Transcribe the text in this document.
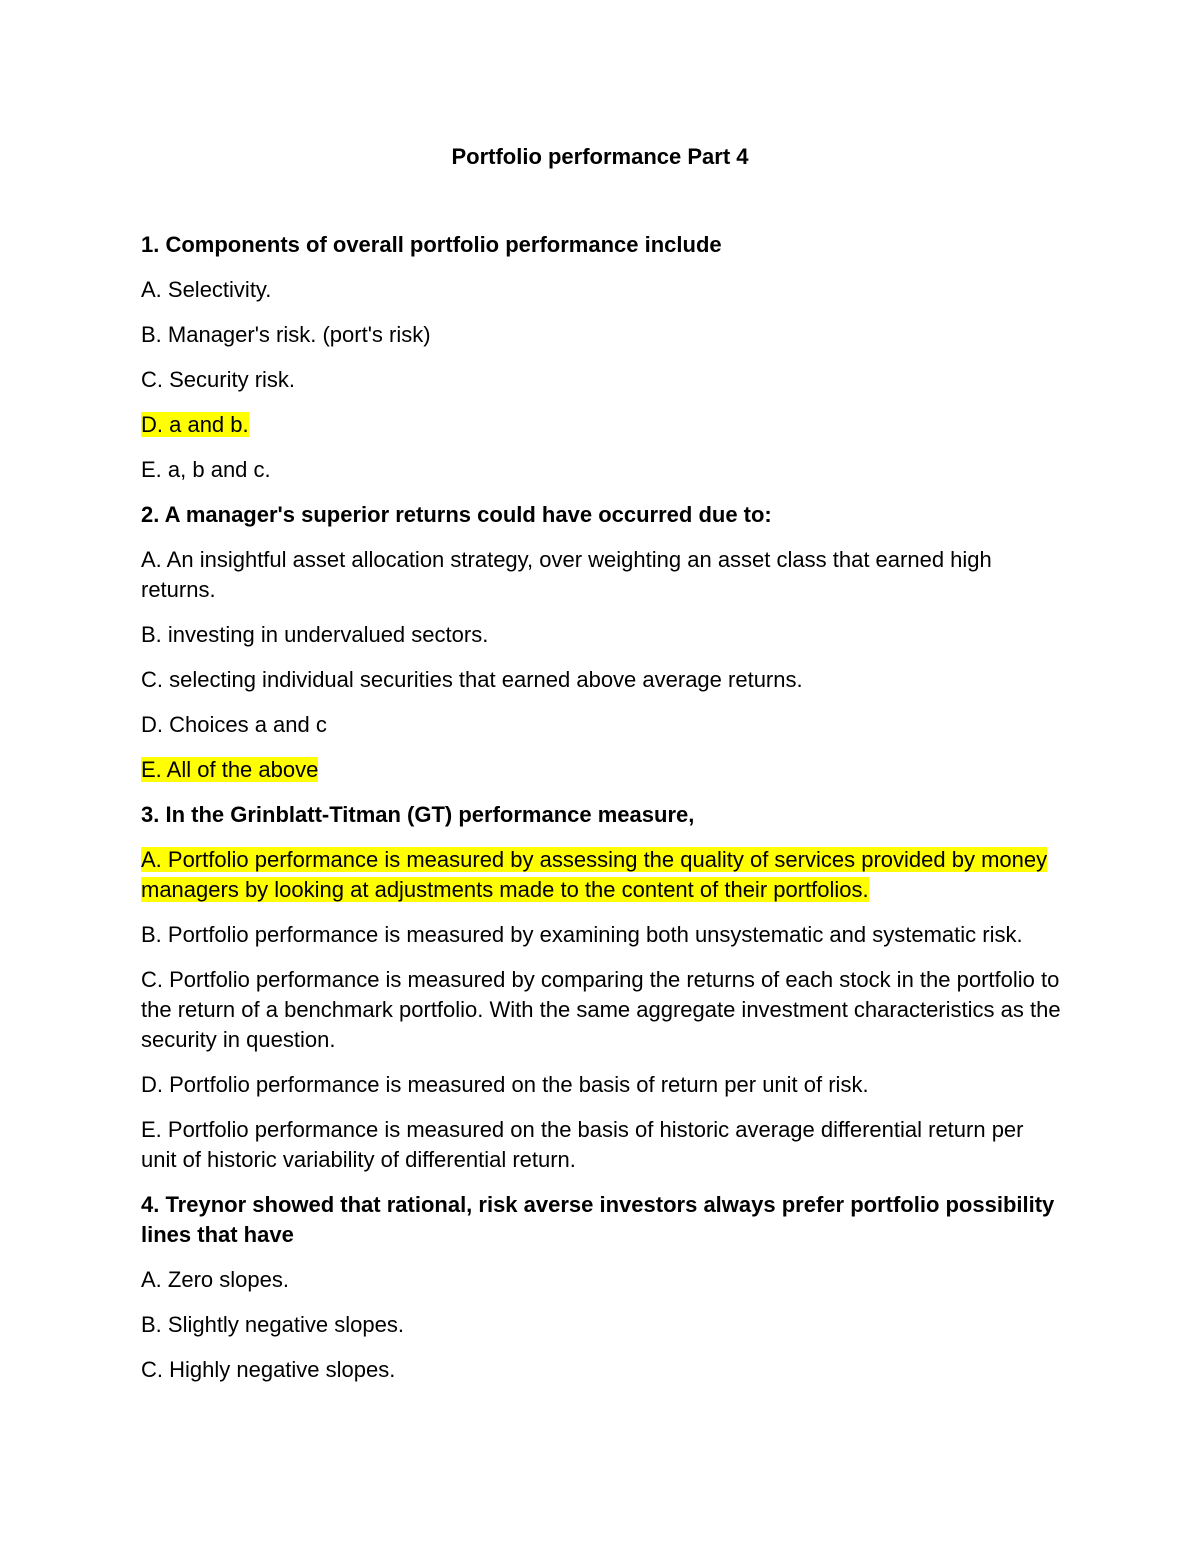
Portfolio performance Part 4

1. Components of overall portfolio performance include

A. Selectivity.

B. Manager's risk. (port's risk)

C. Security risk.

D. a and b.

E. a, b and c.

2. A manager's superior returns could have occurred due to:

A. An insightful asset allocation strategy, over weighting an asset class that earned high returns.

B. investing in undervalued sectors.

C. selecting individual securities that earned above average returns.

D. Choices a and c

E. All of the above

3. In the Grinblatt-Titman (GT) performance measure,

A. Portfolio performance is measured by assessing the quality of services provided by money managers by looking at adjustments made to the content of their portfolios.

B. Portfolio performance is measured by examining both unsystematic and systematic risk.

C. Portfolio performance is measured by comparing the returns of each stock in the portfolio to the return of a benchmark portfolio. With the same aggregate investment characteristics as the security in question.

D. Portfolio performance is measured on the basis of return per unit of risk.

E. Portfolio performance is measured on the basis of historic average differential return per unit of historic variability of differential return.

4. Treynor showed that rational, risk averse investors always prefer portfolio possibility lines that have

A. Zero slopes.

B. Slightly negative slopes.

C. Highly negative slopes.
